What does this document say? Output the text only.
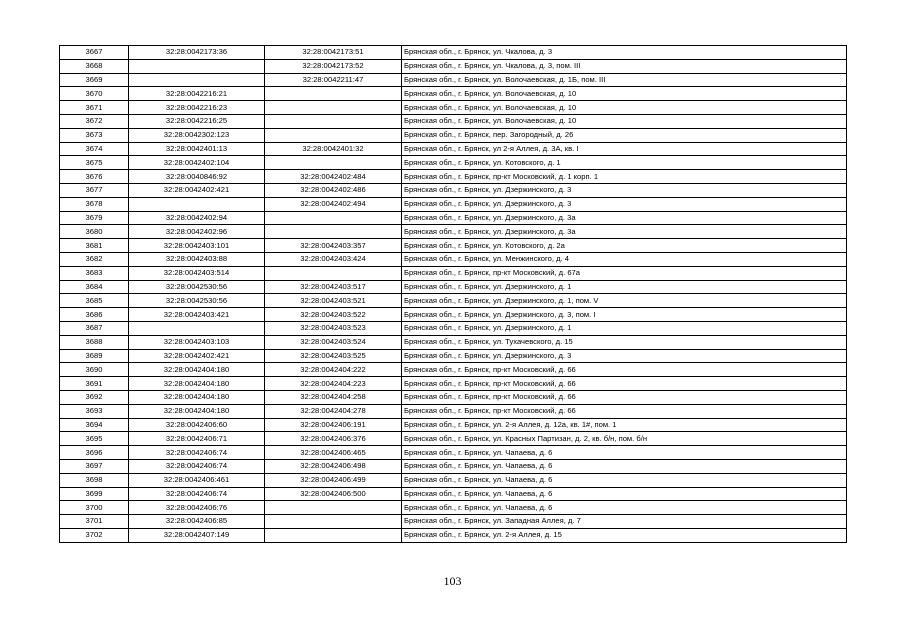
3667	32:28:0042173:36	32:28:0042173:51	Брянская обл., г. Брянск, ул. Чкалова, д. 3
3668		32:28:0042173:52	Брянская обл., г. Брянск, ул. Чкалова, д. 3, пом. III
3669		32:28:0042211:47	Брянская обл., г. Брянск, ул. Волочаевская, д. 1Б, пом. III
3670	32:28:0042216:21		Брянская обл., г. Брянск, ул. Волочаевская, д. 10
3671	32:28:0042216:23		Брянская обл., г. Брянск, ул. Волочаевская, д. 10
3672	32:28:0042216:25		Брянская обл., г. Брянск, ул. Волочаевская, д. 10
3673	32:28:0042302:123		Брянская обл., г. Брянск, пер. Загородный, д. 26
3674	32:28:0042401:13	32:28:0042401:32	Брянская обл., г. Брянск, ул 2-я Аллея, д. 3А, кв. I
3675	32:28:0042402:104		Брянская обл., г. Брянск, ул. Котовского, д. 1
3676	32:28:0040846:92	32:28:0042402:484	Брянская обл., г. Брянск, пр-кт Московский, д. 1 корп. 1
3677	32:28:0042402:421	32:28:0042402:486	Брянская обл., г. Брянск, ул. Дзержинского, д. 3
3678		32:28:0042402:494	Брянская обл., г. Брянск, ул. Дзержинского, д. 3
3679	32:28:0042402:94		Брянская обл., г. Брянск, ул. Дзержинского, д. 3а
3680	32:28:0042402:96		Брянская обл., г. Брянск, ул. Дзержинского, д. 3а
3681	32:28:0042403:101	32:28:0042403:357	Брянская обл., г. Брянск, ул. Котовского, д. 2а
3682	32:28:0042403:88	32:28:0042403:424	Брянская обл., г. Брянск, ул. Менжинского, д. 4
3683	32:28:0042403:514		Брянская обл., г. Брянск, пр-кт Московский, д. 67а
3684	32:28:0042530:56	32:28:0042403:517	Брянская обл., г. Брянск, ул. Дзержинского, д. 1
3685	32:28:0042530:56	32:28:0042403:521	Брянская обл., г. Брянск, ул. Дзержинского, д. 1, пом. V
3686	32:28:0042403:421	32:28:0042403:522	Брянская обл., г. Брянск, ул. Дзержинского, д. 3, пом. I
3687		32:28:0042403:523	Брянская обл., г. Брянск, ул. Дзержинского, д. 1
3688	32:28:0042403:103	32:28:0042403:524	Брянская обл., г. Брянск, ул. Тухачевского, д. 15
3689	32:28:0042402:421	32:28:0042403:525	Брянская обл., г. Брянск, ул. Дзержинского, д. 3
3690	32:28:0042404:180	32:28:0042404:222	Брянская обл., г. Брянск, пр-кт Московский, д. 66
3691	32:28:0042404:180	32:28:0042404:223	Брянская обл., г. Брянск, пр-кт Московский, д. 66
3692	32:28:0042404:180	32:28:0042404:258	Брянская обл., г. Брянск, пр-кт Московский, д. 66
3693	32:28:0042404:180	32:28:0042404:278	Брянская обл., г. Брянск, пр-кт Московский, д. 66
3694	32:28:0042406:60	32:28:0042406:191	Брянская обл., г. Брянск, ул. 2-я Аллея, д. 12а, кв. 1#, пом. 1
3695	32:28:0042406:71	32:28:0042406:376	Брянская обл., г. Брянск, ул. Красных Партизан, д. 2, кв. б/н, пом. б/н
3696	32:28:0042406:74	32:28:0042406:465	Брянская обл., г. Брянск, ул. Чапаева, д. 6
3697	32:28:0042406:74	32:28:0042406:498	Брянская обл., г. Брянск, ул. Чапаева, д. 6
3698	32:28:0042406:461	32:28:0042406:499	Брянская обл., г. Брянск, ул. Чапаева, д. 6
3699	32:28:0042406:74	32:28:0042406:500	Брянская обл., г. Брянск, ул. Чапаева, д. 6
3700	32:28:0042406:76		Брянская обл., г. Брянск, ул. Чапаева, д. 6
3701	32:28:0042406:85		Брянская обл., г. Брянск, ул. Западная Аллея, д. 7
3702	32:28:0042407:149		Брянская обл., г. Брянск, ул. 2-я Аллея, д. 15
103
